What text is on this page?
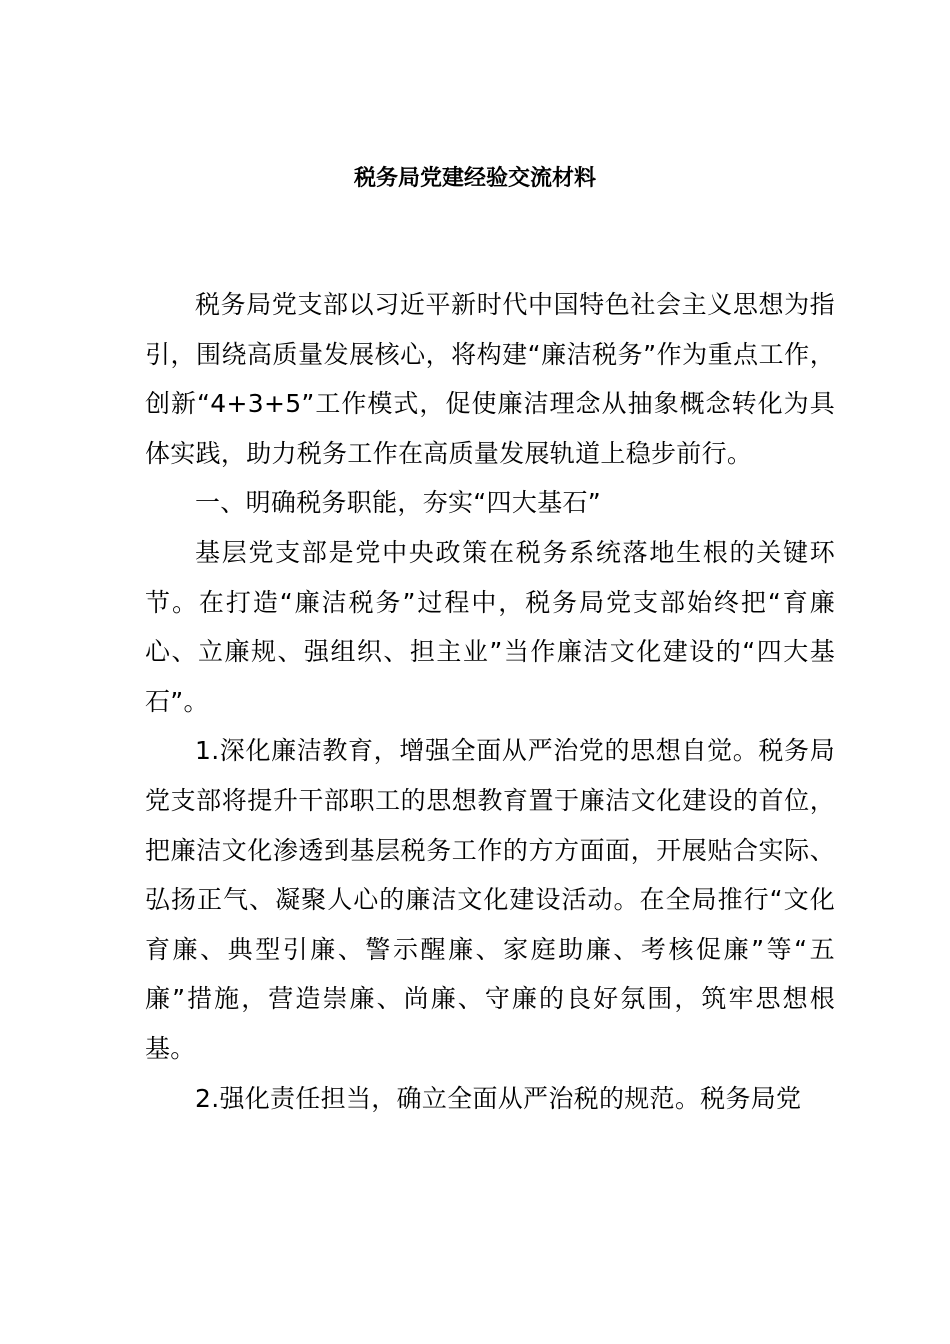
税务局党建经验交流材料

税务局党支部以习近平新时代中国特色社会主义思想为指引，围绕高质量发展核心，将构建“廉洁税务”作为重点工作，创新“4+3+5”工作模式，促使廉洁理念从抽象概念转化为具体实践，助力税务工作在高质量发展轨道上稳步前行。

一、明确税务职能，夯实“四大基石”

基层党支部是党中央政策在税务系统落地生根的关键环节。在打造“廉洁税务”过程中，税务局党支部始终把“育廉心、立廉规、强组织、担主业”当作廉洁文化建设的“四大基石”。

1.深化廉洁教育，增强全面从严治党的思想自觉。税务局党支部将提升干部职工的思想教育置于廉洁文化建设的首位，把廉洁文化渗透到基层税务工作的方方面面，开展贴合实际、弘扬正气、凝聚人心的廉洁文化建设活动。在全局推行“文化育廉、典型引廉、警示醒廉、家庭助廉、考核促廉”等“五廉”措施，营造崇廉、尚廉、守廉的良好氛围，筑牢思想根基。

2.强化责任担当，确立全面从严治税的规范。税务局党
